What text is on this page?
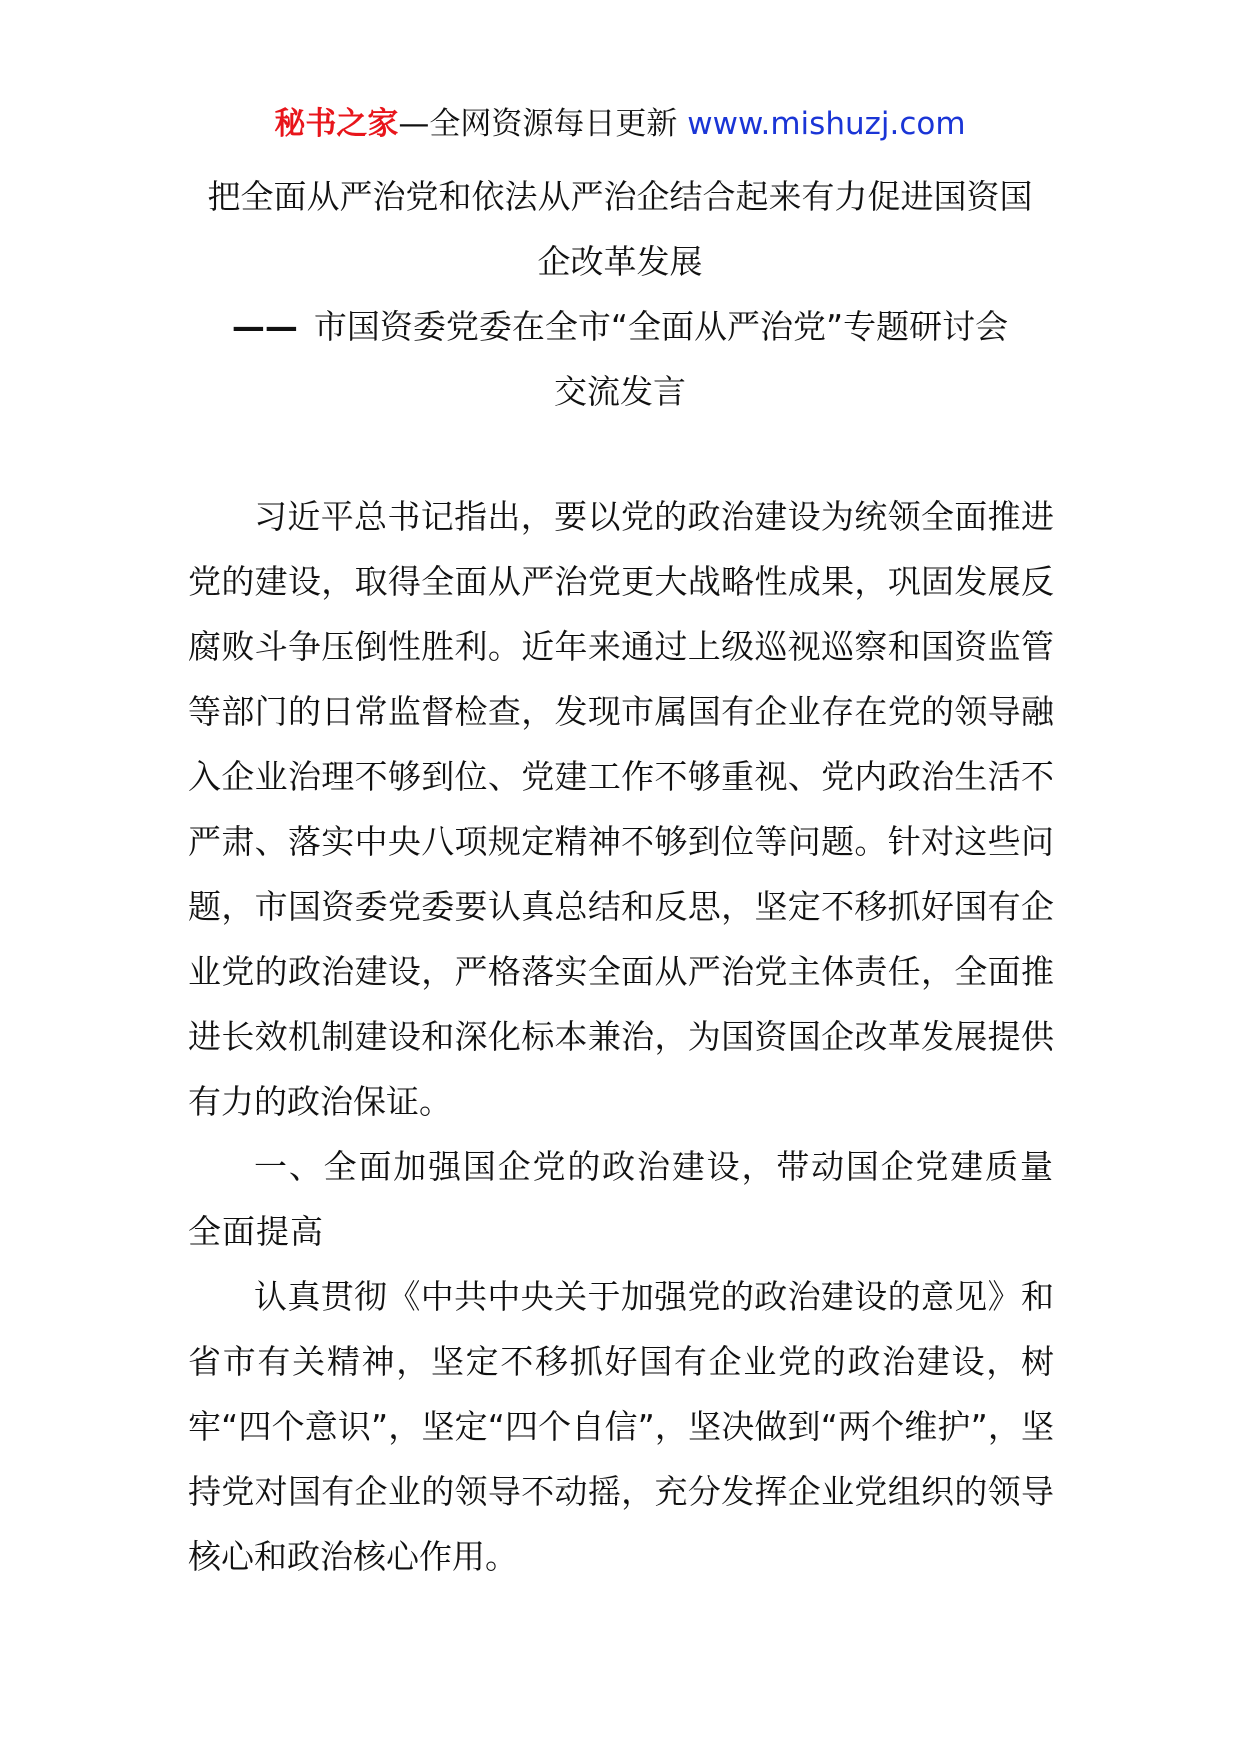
秘书之家—全网资源每日更新 www.mishuzj.com
把全面从严治党和依法从严治企结合起来有力促进国资国
企改革发展
—— 市国资委党委在全市“全面从严治党”专题研讨会
交流发言

习近平总书记指出，要以党的政治建设为统领全面推进党的建设，取得全面从严治党更大战略性成果，巩固发展反腐败斗争压倒性胜利。近年来通过上级巡视巡察和国资监管等部门的日常监督检查，发现市属国有企业存在党的领导融入企业治理不够到位、党建工作不够重视、党内政治生活不严肃、落实中央八项规定精神不够到位等问题。针对这些问题，市国资委党委要认真总结和反思，坚定不移抓好国有企业党的政治建设，严格落实全面从严治党主体责任，全面推进长效机制建设和深化标本兼治，为国资国企改革发展提供有力的政治保证。

一、全面加强国企党的政治建设，带动国企党建质量全面提高

认真贯彻《中共中央关于加强党的政治建设的意见》和省市有关精神，坚定不移抓好国有企业党的政治建设，树牢“四个意识”，坚定“四个自信”，坚决做到“两个维护”，坚持党对国有企业的领导不动摇，充分发挥企业党组织的领导核心和政治核心作用。
